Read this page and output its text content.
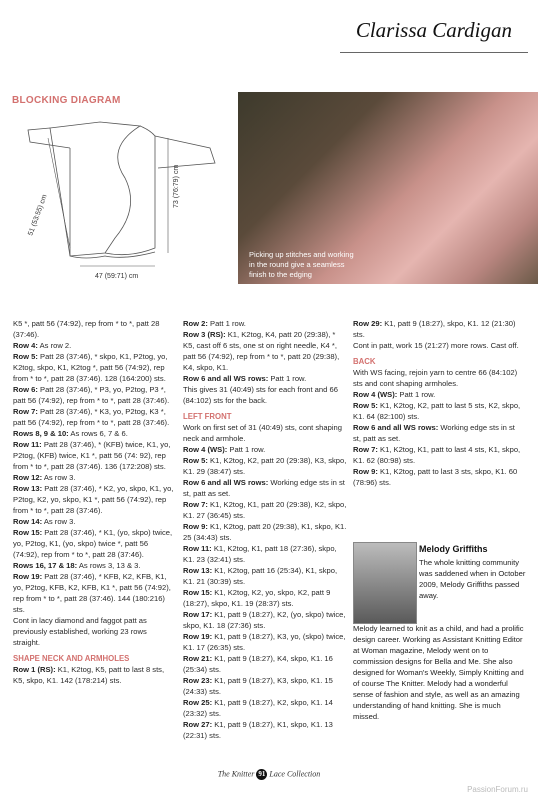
Clarissa Cardigan
BLOCKING DIAGRAM
73 (76:79) cm
47 (59:71) cm
51 (53:55) cm
Picking up stitches and working in the round give a seamless finish to the edging

K5 *, patt 56 (74:92), rep from * to *, patt 28 (37:46).

Row 4: As row 2.

Row 5: Patt 28 (37:46), * skpo, K1, P2tog, yo, K2tog, skpo, K1, K2tog *, patt 56 (74:92), rep from * to *, patt 28 (37:46). 128 (164:200) sts.

Row 6: Patt 28 (37:46), * P3, yo, P2tog, P3 *, patt 56 (74:92), rep from * to *, patt 28 (37:46).

Row 7: Patt 28 (37:46), * K3, yo, P2tog, K3 *, patt 56 (74:92), rep from * to *, patt 28 (37:46).

Rows 8, 9 & 10: As rows 6, 7 & 6.

Row 11: Patt 28 (37:46), * (KFB) twice, K1, yo, P2tog, (KFB) twice, K1 *, patt 56 (74: 92), rep from * to *, patt 28 (37:46). 136 (172:208) sts.

Row 12: As row 3.

Row 13: Patt 28 (37:46), * K2, yo, skpo, K1, yo, P2tog, K2, yo, skpo, K1 *, patt 56 (74:92), rep from * to *, patt 28 (37:46).

Row 14: As row 3.

Row 15: Patt 28 (37:46), * K1, (yo, skpo) twice, yo, P2tog, K1, (yo, skpo) twice *, patt 56 (74:92), rep from * to *, patt 28 (37:46).

Rows 16, 17 & 18: As rows 3, 13 & 3.

Row 19: Patt 28 (37:46), * KFB, K2, KFB, K1, yo, P2tog, KFB, K2, KFB, K1 *, patt 56 (74:92), rep from * to *, patt 28 (37:46). 144 (180:216) sts.

Cont in lacy diamond and faggot patt as previously established, working 23 rows straight.

SHAPE NECK AND ARMHOLES

Row 1 (RS): K1, K2tog, K5, patt to last 8 sts, K5, skpo, K1. 142 (178:214) sts.

Row 2: Patt 1 row.

Row 3 (RS): K1, K2tog, K4, patt 20 (29:38), * K5, cast off 6 sts, one st on right needle, K4 *, patt 56 (74:92), rep from * to *, patt 20 (29:38), K4, skpo, K1.

Row 6 and all WS rows: Patt 1 row.

This gives 31 (40:49) sts for each front and 66 (84:102) sts for the back.

LEFT FRONT

Work on first set of 31 (40:49) sts, cont shaping neck and armhole.

Row 4 (WS): Patt 1 row.

Row 5: K1, K2tog, K2, patt 20 (29:38), K3, skpo, K1. 29 (38:47) sts.

Row 6 and all WS rows: Working edge sts in st st, patt as set.

Row 7: K1, K2tog, K1, patt 20 (29:38), K2, skpo, K1. 27 (36:45) sts.

Row 9: K1, K2tog, patt 20 (29:38), K1, skpo, K1. 25 (34:43) sts.

Row 11: K1, K2tog, K1, patt 18 (27:36), skpo, K1. 23 (32:41) sts.

Row 13: K1, K2tog, patt 16 (25:34), K1, skpo, K1. 21 (30:39) sts.

Row 15: K1, K2tog, K2, yo, skpo, K2, patt 9 (18:27), skpo, K1. 19 (28:37) sts.

Row 17: K1, patt 9 (18:27), K2, (yo, skpo) twice, skpo, K1. 18 (27:36) sts.

Row 19: K1, patt 9 (18:27), K3, yo, (skpo) twice, K1. 17 (26:35) sts.

Row 21: K1, patt 9 (18:27), K4, skpo, K1. 16 (25:34) sts.

Row 23: K1, patt 9 (18:27), K3, skpo, K1. 15 (24:33) sts.

Row 25: K1, patt 9 (18:27), K2, skpo, K1. 14 (23:32) sts.

Row 27: K1, patt 9 (18:27), K1, skpo, K1. 13 (22:31) sts.

Row 29: K1, patt 9 (18:27), skpo, K1. 12 (21:30) sts.

Cont in patt, work 15 (21:27) more rows. Cast off.

BACK

With WS facing, rejoin yarn to centre 66 (84:102) sts and cont shaping armholes.

Row 4 (WS): Patt 1 row.

Row 5: K1, K2tog, K2, patt to last 5 sts, K2, skpo, K1. 64 (82:100) sts.

Row 6 and all WS rows: Working edge sts in st st, patt as set.

Row 7: K1, K2tog, K1, patt to last 4 sts, K1, skpo, K1. 62 (80:98) sts.

Row 9: K1, K2tog, patt to last 3 sts, skpo, K1. 60 (78:96) sts.

Melody Griffiths
The whole knitting community was saddened when in October 2009, Melody Griffiths passed away.
Melody learned to knit as a child, and had a prolific design career. Working as Assistant Knitting Editor at Woman magazine, Melody went on to commission designs for Bella and Me. She also designed for Woman's Weekly, Simply Knitting and of course The Knitter. Melody had a wonderful sense of fashion and style, as well as an amazing understanding of hand knitting. She is much missed.
The Knitter 91 Lace Collection
PassionForum.ru
